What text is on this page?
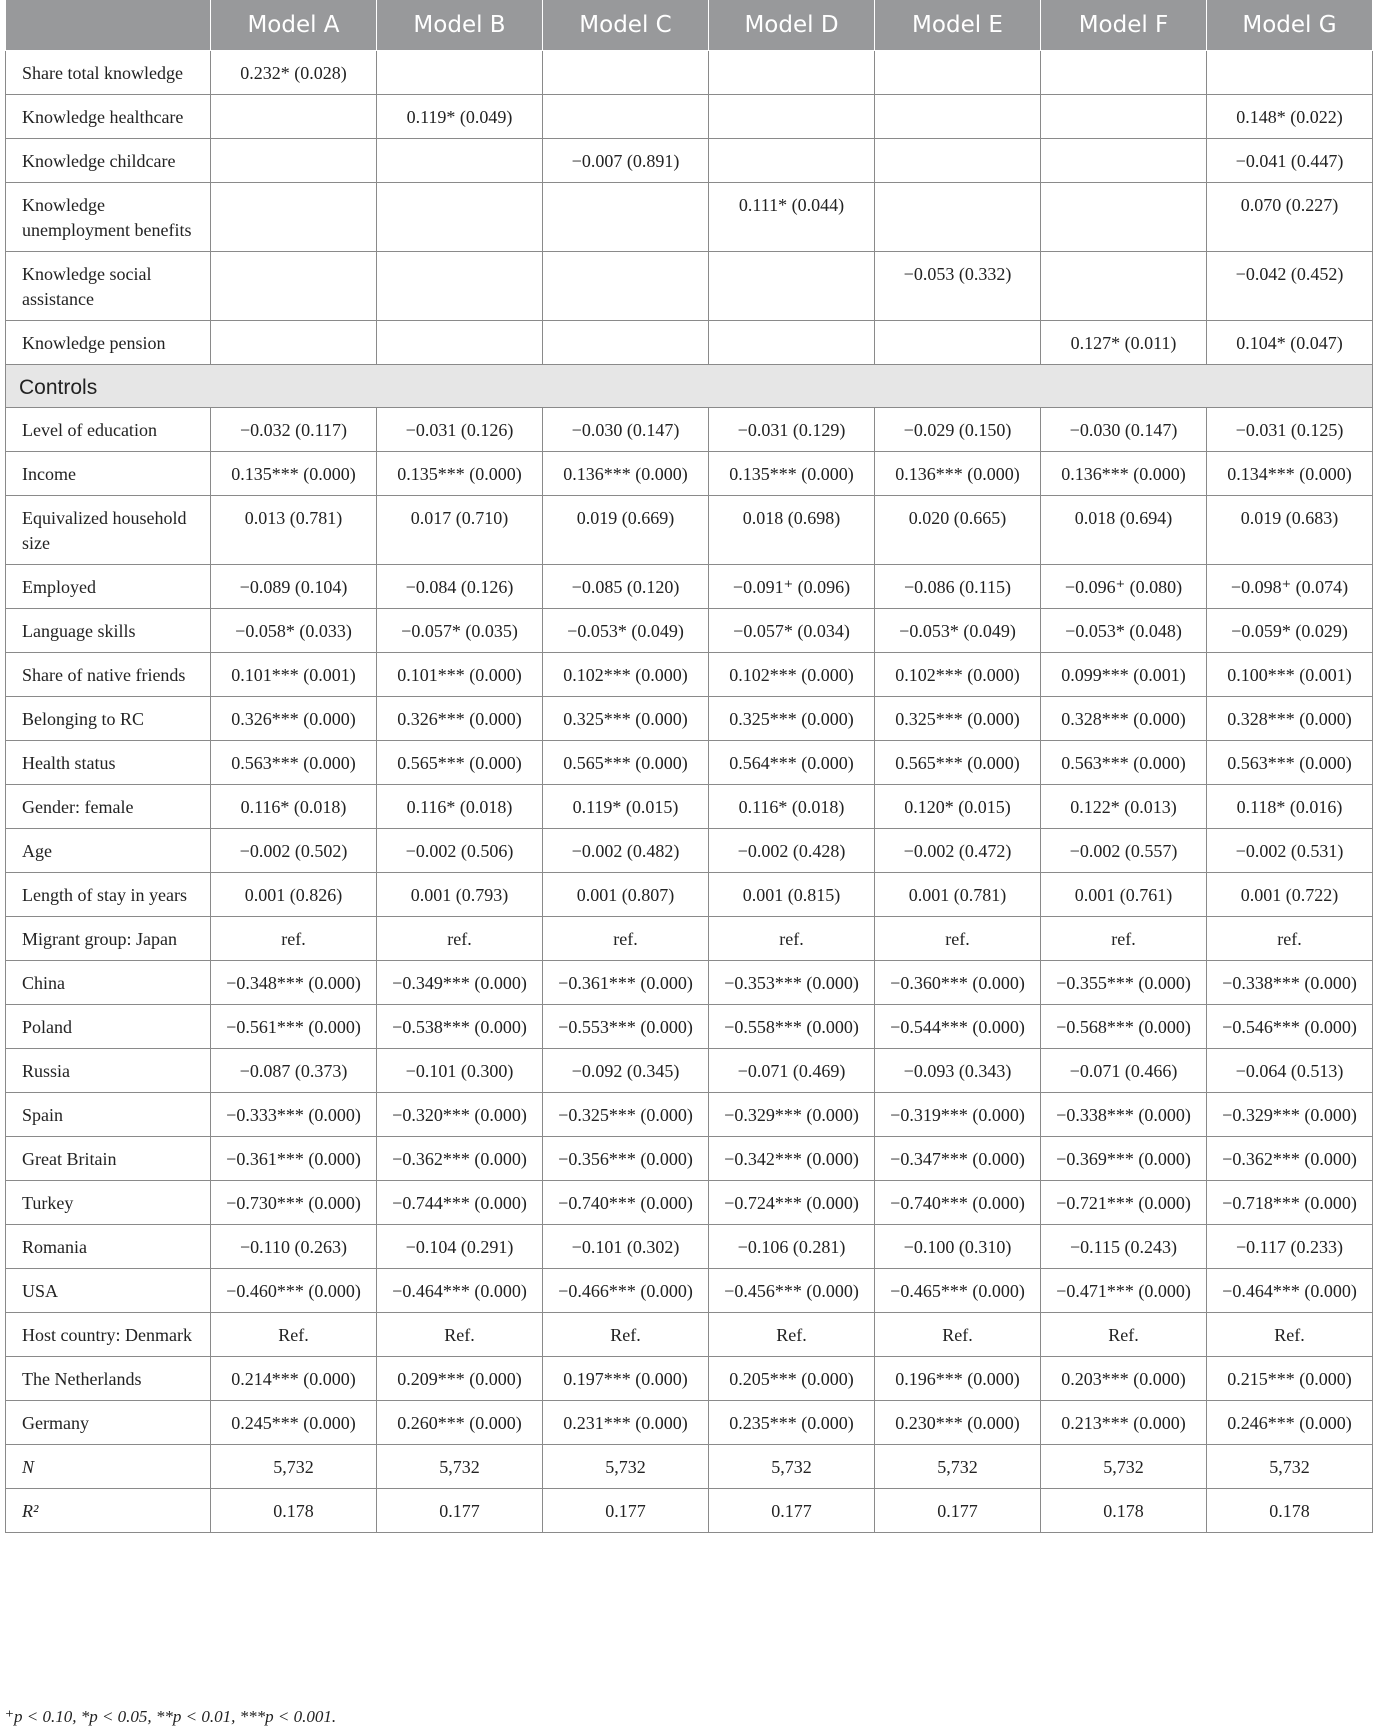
	Model A	Model B	Model C	Model D	Model E	Model F	Model G
Share total knowledge	0.232* (0.028)						
Knowledge healthcare		0.119* (0.049)					0.148* (0.022)
Knowledge childcare			−0.007 (0.891)				−0.041 (0.447)
Knowledge unemployment benefits				0.111* (0.044)			0.070 (0.227)
Knowledge social assistance					−0.053 (0.332)		−0.042 (0.452)
Knowledge pension						0.127* (0.011)	0.104* (0.047)
Controls							
Level of education	−0.032 (0.117)	−0.031 (0.126)	−0.030 (0.147)	−0.031 (0.129)	−0.029 (0.150)	−0.030 (0.147)	−0.031 (0.125)
Income	0.135*** (0.000)	0.135*** (0.000)	0.136*** (0.000)	0.135*** (0.000)	0.136*** (0.000)	0.136*** (0.000)	0.134*** (0.000)
Equivalized household size	0.013 (0.781)	0.017 (0.710)	0.019 (0.669)	0.018 (0.698)	0.020 (0.665)	0.018 (0.694)	0.019 (0.683)
Employed	−0.089 (0.104)	−0.084 (0.126)	−0.085 (0.120)	−0.091⁺ (0.096)	−0.086 (0.115)	−0.096⁺ (0.080)	−0.098⁺ (0.074)
Language skills	−0.058* (0.033)	−0.057* (0.035)	−0.053* (0.049)	−0.057* (0.034)	−0.053* (0.049)	−0.053* (0.048)	−0.059* (0.029)
Share of native friends	0.101*** (0.001)	0.101*** (0.000)	0.102*** (0.000)	0.102*** (0.000)	0.102*** (0.000)	0.099*** (0.001)	0.100*** (0.001)
Belonging to RC	0.326*** (0.000)	0.326*** (0.000)	0.325*** (0.000)	0.325*** (0.000)	0.325*** (0.000)	0.328*** (0.000)	0.328*** (0.000)
Health status	0.563*** (0.000)	0.565*** (0.000)	0.565*** (0.000)	0.564*** (0.000)	0.565*** (0.000)	0.563*** (0.000)	0.563*** (0.000)
Gender: female	0.116* (0.018)	0.116* (0.018)	0.119* (0.015)	0.116* (0.018)	0.120* (0.015)	0.122* (0.013)	0.118* (0.016)
Age	−0.002 (0.502)	−0.002 (0.506)	−0.002 (0.482)	−0.002 (0.428)	−0.002 (0.472)	−0.002 (0.557)	−0.002 (0.531)
Length of stay in years	0.001 (0.826)	0.001 (0.793)	0.001 (0.807)	0.001 (0.815)	0.001 (0.781)	0.001 (0.761)	0.001 (0.722)
Migrant group: Japan	ref.	ref.	ref.	ref.	ref.	ref.	ref.
China	−0.348*** (0.000)	−0.349*** (0.000)	−0.361*** (0.000)	−0.353*** (0.000)	−0.360*** (0.000)	−0.355*** (0.000)	−0.338*** (0.000)
Poland	−0.561*** (0.000)	−0.538*** (0.000)	−0.553*** (0.000)	−0.558*** (0.000)	−0.544*** (0.000)	−0.568*** (0.000)	−0.546*** (0.000)
Russia	−0.087 (0.373)	−0.101 (0.300)	−0.092 (0.345)	−0.071 (0.469)	−0.093 (0.343)	−0.071 (0.466)	−0.064 (0.513)
Spain	−0.333*** (0.000)	−0.320*** (0.000)	−0.325*** (0.000)	−0.329*** (0.000)	−0.319*** (0.000)	−0.338*** (0.000)	−0.329*** (0.000)
Great Britain	−0.361*** (0.000)	−0.362*** (0.000)	−0.356*** (0.000)	−0.342*** (0.000)	−0.347*** (0.000)	−0.369*** (0.000)	−0.362*** (0.000)
Turkey	−0.730*** (0.000)	−0.744*** (0.000)	−0.740*** (0.000)	−0.724*** (0.000)	−0.740*** (0.000)	−0.721*** (0.000)	−0.718*** (0.000)
Romania	−0.110 (0.263)	−0.104 (0.291)	−0.101 (0.302)	−0.106 (0.281)	−0.100 (0.310)	−0.115 (0.243)	−0.117 (0.233)
USA	−0.460*** (0.000)	−0.464*** (0.000)	−0.466*** (0.000)	−0.456*** (0.000)	−0.465*** (0.000)	−0.471*** (0.000)	−0.464*** (0.000)
Host country: Denmark	Ref.	Ref.	Ref.	Ref.	Ref.	Ref.	Ref.
The Netherlands	0.214*** (0.000)	0.209*** (0.000)	0.197*** (0.000)	0.205*** (0.000)	0.196*** (0.000)	0.203*** (0.000)	0.215*** (0.000)
Germany	0.245*** (0.000)	0.260*** (0.000)	0.231*** (0.000)	0.235*** (0.000)	0.230*** (0.000)	0.213*** (0.000)	0.246*** (0.000)
N	5,732	5,732	5,732	5,732	5,732	5,732	5,732
R²	0.178	0.177	0.177	0.177	0.177	0.178	0.178
⁺p < 0.10, *p < 0.05, **p < 0.01, ***p < 0.001.
